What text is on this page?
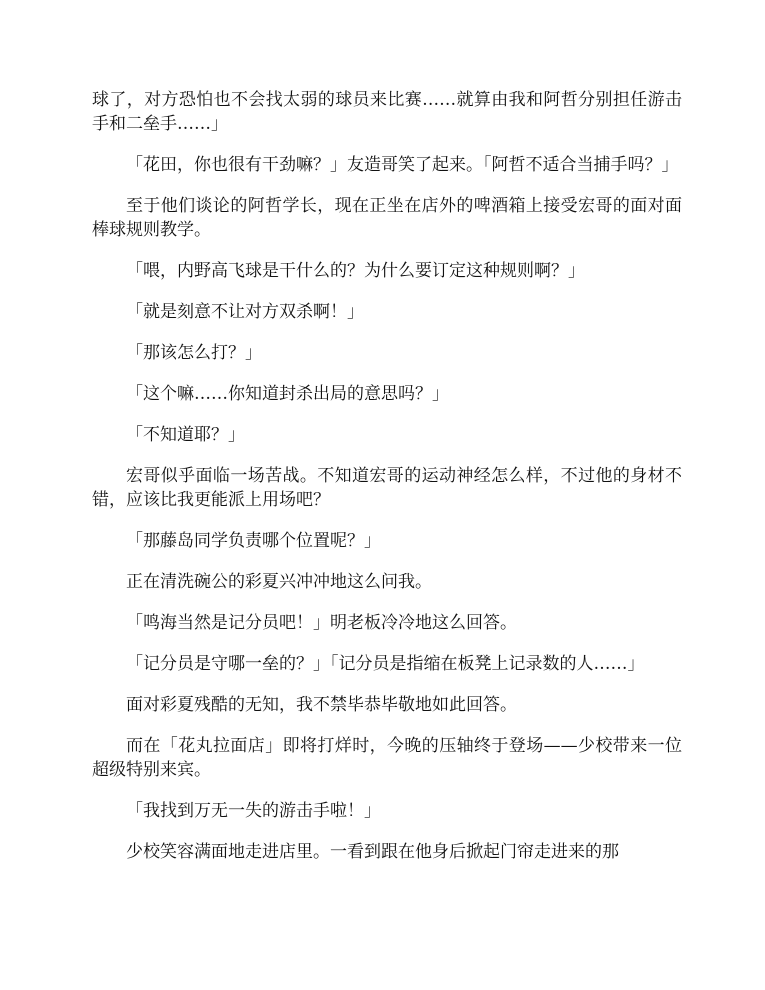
球了，对方恐怕也不会找太弱的球员来比赛……就算由我和阿哲分别担任游击手和二垒手……」

「花田，你也很有干劲嘛？」友造哥笑了起来。「阿哲不适合当捕手吗？」

至于他们谈论的阿哲学长，现在正坐在店外的啤酒箱上接受宏哥的面对面棒球规则教学。

「喂，内野高飞球是干什么的？为什么要订定这种规则啊？」

「就是刻意不让对方双杀啊！」

「那该怎么打？」

「这个嘛……你知道封杀出局的意思吗？」

「不知道耶？」

宏哥似乎面临一场苦战。不知道宏哥的运动神经怎么样，不过他的身材不错，应该比我更能派上用场吧？

「那藤岛同学负责哪个位置呢？」

正在清洗碗公的彩夏兴冲冲地这么问我。

「鸣海当然是记分员吧！」明老板冷冷地这么回答。

「记分员是守哪一垒的？」「记分员是指缩在板凳上记录数的人……」

面对彩夏残酷的无知，我不禁毕恭毕敬地如此回答。

而在「花丸拉面店」即将打烊时，今晚的压轴终于登场——少校带来一位超级特别来宾。

「我找到万无一失的游击手啦！」

少校笑容满面地走进店里。一看到跟在他身后掀起门帘走进来的那
